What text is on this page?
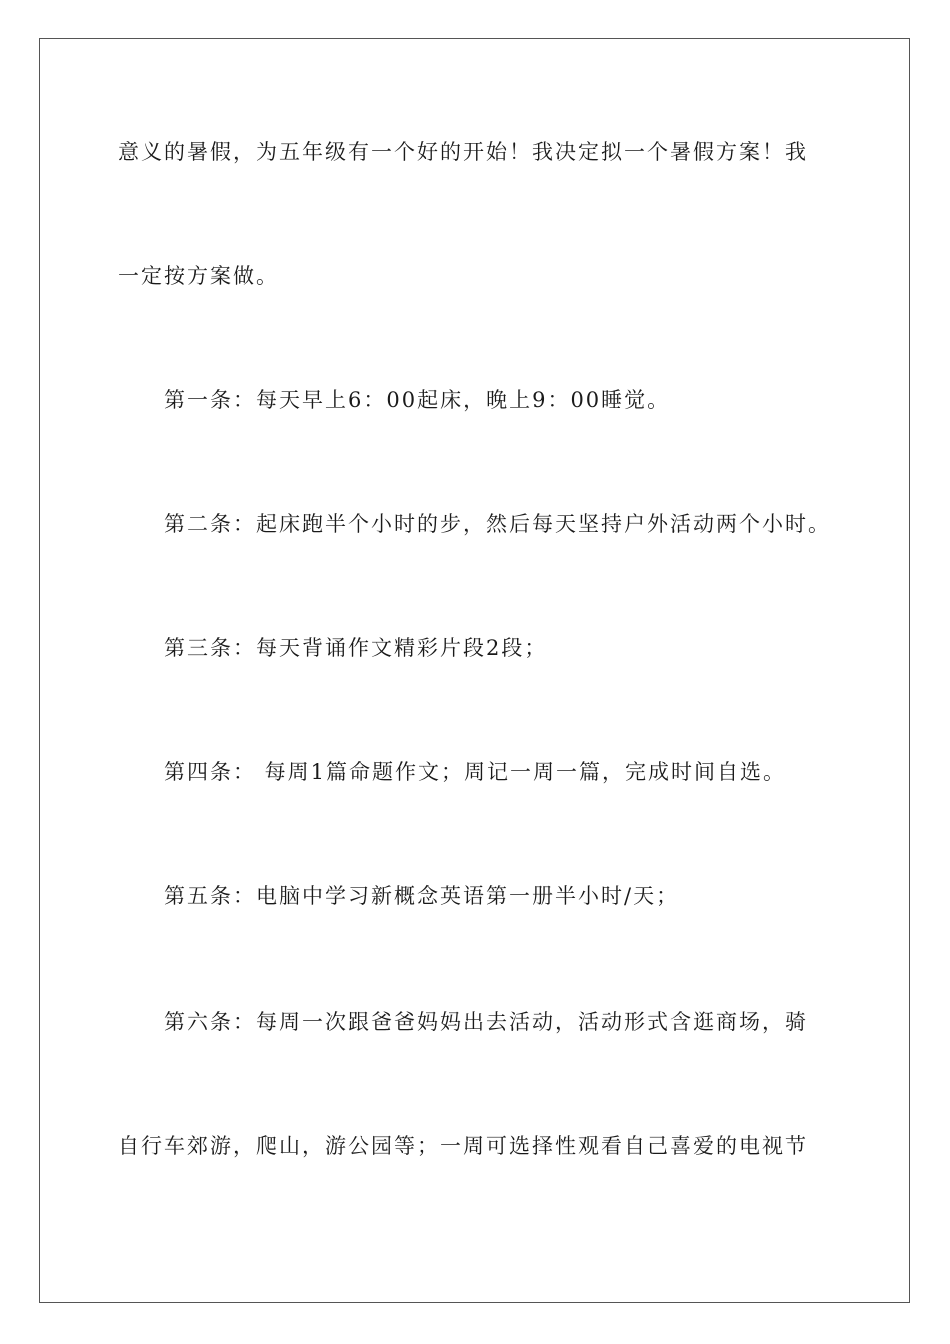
意义的暑假，为五年级有一个好的开始！我决定拟一个暑假方案！我
一定按方案做。
第一条：每天早上6：00起床，晚上9：00睡觉。
第二条：起床跑半个小时的步，然后每天坚持户外活动两个小时。
第三条：每天背诵作文精彩片段2段；
第四条： 每周1篇命题作文；周记一周一篇，完成时间自选。
第五条：电脑中学习新概念英语第一册半小时/天；
第六条：每周一次跟爸爸妈妈出去活动，活动形式含逛商场，骑
自行车郊游，爬山，游公园等；一周可选择性观看自己喜爱的电视节
